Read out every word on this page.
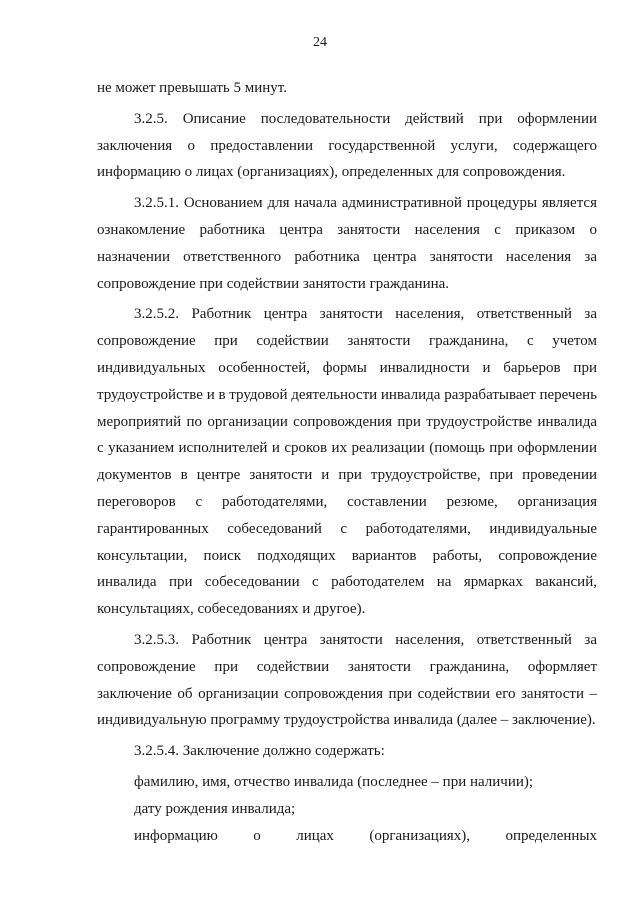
24

не может превышать 5 минут.

3.2.5. Описание последовательности действий при оформлении заключения о предоставлении государственной услуги, содержащего информацию о лицах (организациях), определенных для сопровождения.

3.2.5.1. Основанием для начала административной процедуры является ознакомление работника центра занятости населения с приказом о назначении ответственного работника центра занятости населения за сопровождение при содействии занятости гражданина.

3.2.5.2. Работник центра занятости населения, ответственный за сопровождение при содействии занятости гражданина, с учетом индивидуальных особенностей, формы инвалидности и барьеров при трудоустройстве и в трудовой деятельности инвалида разрабатывает перечень мероприятий по организации сопровождения при трудоустройстве инвалида с указанием исполнителей и сроков их реализации (помощь при оформлении документов в центре занятости и при трудоустройстве, при проведении переговоров с работодателями, составлении резюме, организация гарантированных собеседований с работодателями, индивидуальные консультации, поиск подходящих вариантов работы, сопровождение инвалида при собеседовании с работодателем на ярмарках вакансий, консультациях, собеседованиях и другое).

3.2.5.3. Работник центра занятости населения, ответственный за сопровождение при содействии занятости гражданина, оформляет заключение об организации сопровождения при содействии его занятости – индивидуальную программу трудоустройства инвалида (далее – заключение).

3.2.5.4. Заключение должно содержать:

фамилию, имя, отчество инвалида (последнее – при наличии);

дату рождения инвалида;

информацию о лицах (организациях), определенных
